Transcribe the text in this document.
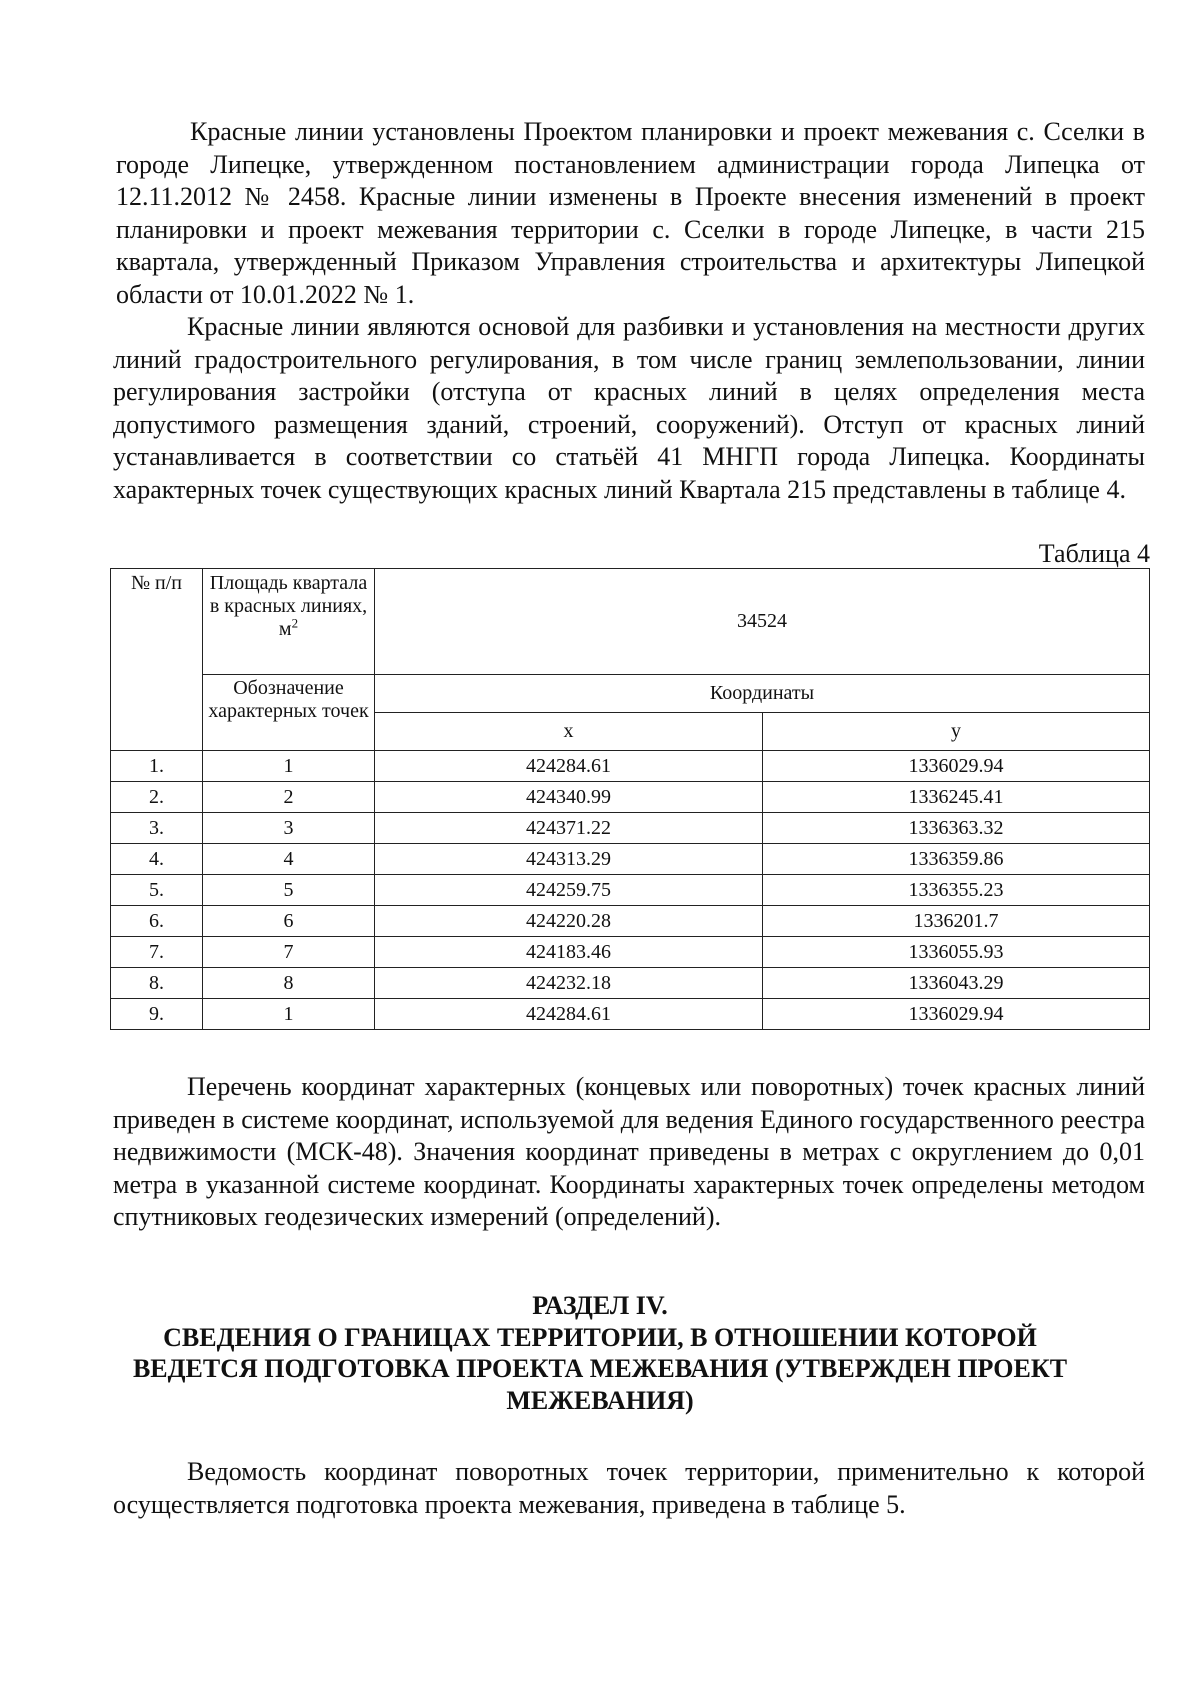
Красные линии установлены Проектом планировки и проект межевания с. Сселки в городе Липецке, утвержденном постановлением администрации города Липецка от 12.11.2012 № 2458. Красные линии изменены в Проекте внесения изменений в проект планировки и проект межевания территории с. Сселки в городе Липецке, в части 215 квартала, утвержденный Приказом Управления строительства и архитектуры Липецкой области от 10.01.2022 № 1.

Красные линии являются основой для разбивки и установления на местности других линий градостроительного регулирования, в том числе границ землепользовании, линии регулирования застройки (отступа от красных линий в целях определения места допустимого размещения зданий, строений, сооружений). Отступ от красных линий устанавливается в соответствии со статьёй 41 МНГП города Липецка. Координаты характерных точек существующих красных линий Квартала 215 представлены в таблице 4.

Таблица 4
№ п/п	Площадь квартала в красных линиях, $м^2$	34524	
	Обозначение характерных точек	Координаты	
		x	y
1.	1	424284.61	1336029.94
2.	2	424340.99	1336245.41
3.	3	424371.22	1336363.32
4.	4	424313.29	1336359.86
5.	5	424259.75	1336355.23
6.	6	424220.28	1336201.7
7.	7	424183.46	1336055.93
8.	8	424232.18	1336043.29
9.	1	424284.61	1336029.94

Перечень координат характерных (концевых или поворотных) точек красных линий приведен в системе координат, используемой для ведения Единого государственного реестра недвижимости (МСК-48). Значения координат приведены в метрах с округлением до 0,01 метра в указанной системе координат. Координаты характерных точек определены методом спутниковых геодезических измерений (определений).

РАЗДЕЛ IV.
СВЕДЕНИЯ О ГРАНИЦАХ ТЕРРИТОРИИ, В ОТНОШЕНИИ КОТОРОЙ ВЕДЕТСЯ ПОДГОТОВКА ПРОЕКТА МЕЖЕВАНИЯ (УТВЕРЖДЕН ПРОЕКТ МЕЖЕВАНИЯ)

Ведомость координат поворотных точек территории, применительно к которой осуществляется подготовка проекта межевания, приведена в таблице 5.
